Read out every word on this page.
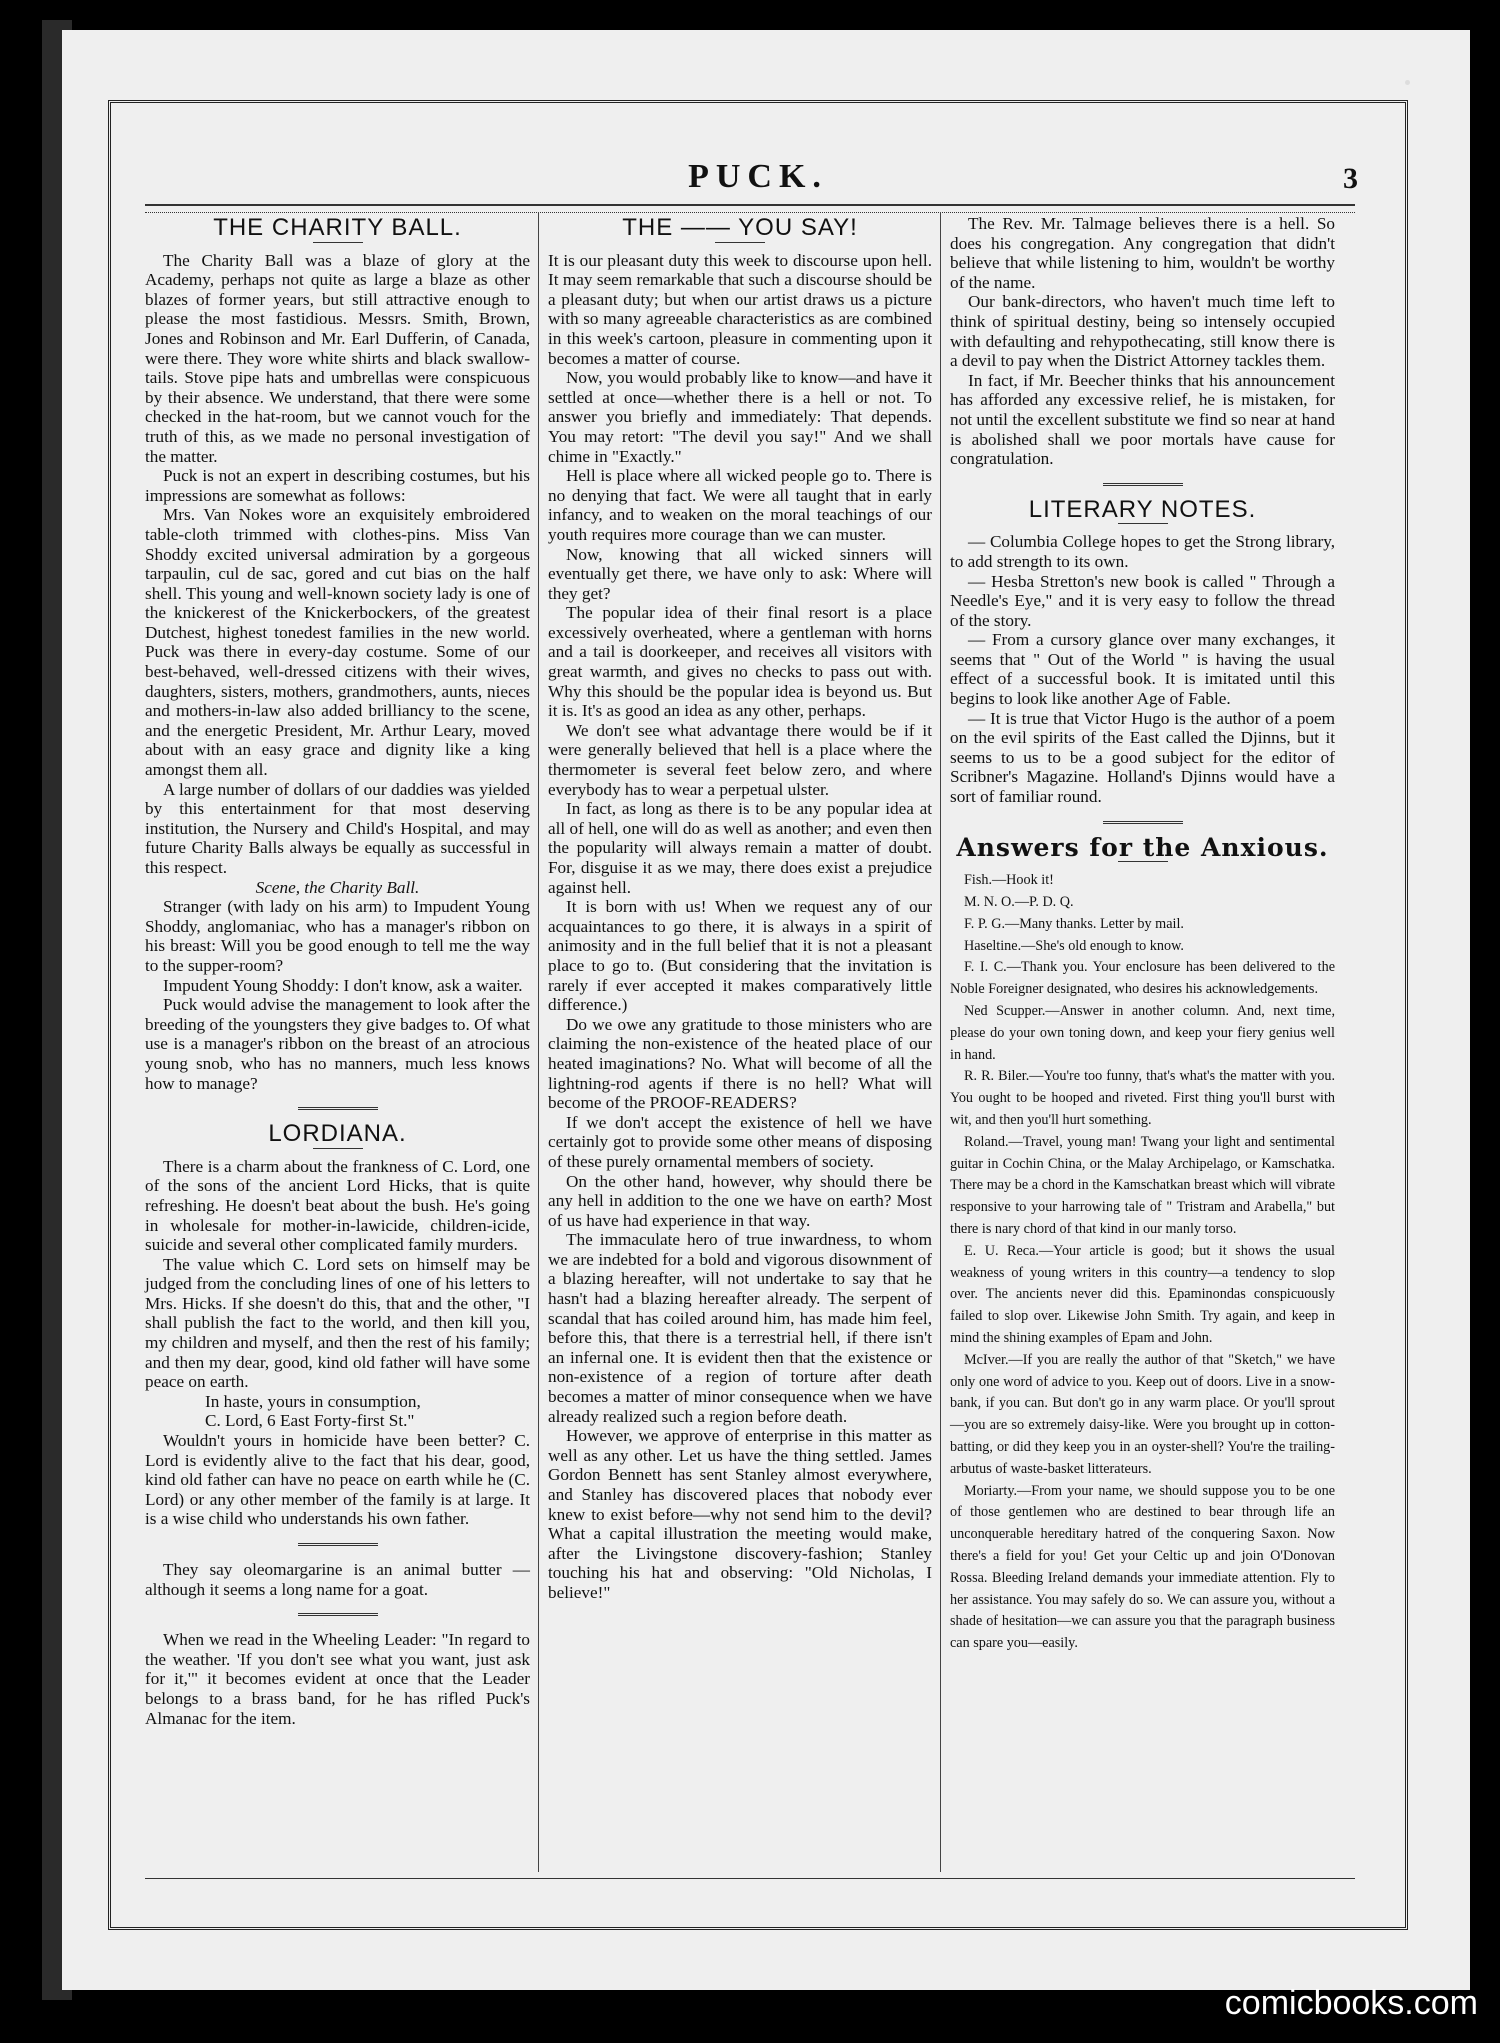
PUCK.	3
THE CHARITY BALL.

The Charity Ball was a blaze of glory at the Academy, perhaps not quite as large a blaze as other blazes of former years, but still attractive enough to please the most fastidious. Messrs. Smith, Brown, Jones and Robinson and Mr. Earl Dufferin, of Canada, were there. They wore white shirts and black swallow-tails. Stove pipe hats and umbrellas were conspicuous by their absence. We understand, that there were some checked in the hat-room, but we cannot vouch for the truth of this, as we made no personal investigation of the matter.

Puck is not an expert in describing costumes, but his impressions are somewhat as follows:

Mrs. Van Nokes wore an exquisitely embroidered table-cloth trimmed with clothes-pins. Miss Van Shoddy excited universal admiration by a gorgeous tarpaulin, cul de sac, gored and cut bias on the half shell. This young and well-known society lady is one of the knickerest of the Knickerbockers, of the greatest Dutchest, highest tonedest families in the new world. Puck was there in every-day costume. Some of our best-behaved, well-dressed citizens with their wives, daughters, sisters, mothers, grandmothers, aunts, nieces and mothers-in-law also added brilliancy to the scene, and the energetic President, Mr. Arthur Leary, moved about with an easy grace and dignity like a king amongst them all.

A large number of dollars of our daddies was yielded by this entertainment for that most deserving institution, the Nursery and Child's Hospital, and may future Charity Balls always be equally as successful in this respect.

Scene, the Charity Ball.

Stranger (with lady on his arm) to Impudent Young Shoddy, anglomaniac, who has a manager's ribbon on his breast: Will you be good enough to tell me the way to the supper-room?

Impudent Young Shoddy: I don't know, ask a waiter.

Puck would advise the management to look after the breeding of the youngsters they give badges to. Of what use is a manager's ribbon on the breast of an atrocious young snob, who has no manners, much less knows how to manage?

LORDIANA.

There is a charm about the frankness of C. Lord, one of the sons of the ancient Lord Hicks, that is quite refreshing. He doesn't beat about the bush. He's going in wholesale for mother-in-lawicide, children-icide, suicide and several other complicated family murders.

The value which C. Lord sets on himself may be judged from the concluding lines of one of his letters to Mrs. Hicks. If she doesn't do this, that and the other, "I shall publish the fact to the world, and then kill you, my children and myself, and then the rest of his family; and then my dear, good, kind old father will have some peace on earth.

In haste, yours in consumption,

C. Lord, 6 East Forty-first St."

Wouldn't yours in homicide have been better? C. Lord is evidently alive to the fact that his dear, good, kind old father can have no peace on earth while he (C. Lord) or any other member of the family is at large. It is a wise child who understands his own father.

They say oleomargarine is an animal butter —although it seems a long name for a goat.

When we read in the Wheeling Leader: "In regard to the weather. 'If you don't see what you want, just ask for it,'" it becomes evident at once that the Leader belongs to a brass band, for he has rifled Puck's Almanac for the item.

THE —— YOU SAY!

It is our pleasant duty this week to discourse upon hell. It may seem remarkable that such a discourse should be a pleasant duty; but when our artist draws us a picture with so many agreeable characteristics as are combined in this week's cartoon, pleasure in commenting upon it becomes a matter of course.

Now, you would probably like to know—and have it settled at once—whether there is a hell or not. To answer you briefly and immediately: That depends. You may retort: "The devil you say!" And we shall chime in "Exactly."

Hell is place where all wicked people go to. There is no denying that fact. We were all taught that in early infancy, and to weaken on the moral teachings of our youth requires more courage than we can muster.

Now, knowing that all wicked sinners will eventually get there, we have only to ask: Where will they get?

The popular idea of their final resort is a place excessively overheated, where a gentleman with horns and a tail is doorkeeper, and receives all visitors with great warmth, and gives no checks to pass out with. Why this should be the popular idea is beyond us. But it is. It's as good an idea as any other, perhaps.

We don't see what advantage there would be if it were generally believed that hell is a place where the thermometer is several feet below zero, and where everybody has to wear a perpetual ulster.

In fact, as long as there is to be any popular idea at all of hell, one will do as well as another; and even then the popularity will always remain a matter of doubt. For, disguise it as we may, there does exist a prejudice against hell.

It is born with us! When we request any of our acquaintances to go there, it is always in a spirit of animosity and in the full belief that it is not a pleasant place to go to. (But considering that the invitation is rarely if ever accepted it makes comparatively little difference.)

Do we owe any gratitude to those ministers who are claiming the non-existence of the heated place of our heated imaginations? No. What will become of all the lightning-rod agents if there is no hell? What will become of the PROOF-READERS?

If we don't accept the existence of hell we have certainly got to provide some other means of disposing of these purely ornamental members of society.

On the other hand, however, why should there be any hell in addition to the one we have on earth? Most of us have had experience in that way.

The immaculate hero of true inwardness, to whom we are indebted for a bold and vigorous disownment of a blazing hereafter, will not undertake to say that he hasn't had a blazing hereafter already. The serpent of scandal that has coiled around him, has made him feel, before this, that there is a terrestrial hell, if there isn't an infernal one. It is evident then that the existence or non-existence of a region of torture after death becomes a matter of minor consequence when we have already realized such a region before death.

However, we approve of enterprise in this matter as well as any other. Let us have the thing settled. James Gordon Bennett has sent Stanley almost everywhere, and Stanley has discovered places that nobody ever knew to exist before—why not send him to the devil? What a capital illustration the meeting would make, after the Livingstone discovery-fashion; Stanley touching his hat and observing: "Old Nicholas, I believe!"

The Rev. Mr. Talmage believes there is a hell. So does his congregation. Any congregation that didn't believe that while listening to him, wouldn't be worthy of the name.

Our bank-directors, who haven't much time left to think of spiritual destiny, being so intensely occupied with defaulting and rehypothecating, still know there is a devil to pay when the District Attorney tackles them.

In fact, if Mr. Beecher thinks that his announcement has afforded any excessive relief, he is mistaken, for not until the excellent substitute we find so near at hand is abolished shall we poor mortals have cause for congratulation.

LITERARY NOTES.

— Columbia College hopes to get the Strong library, to add strength to its own.

— Hesba Stretton's new book is called " Through a Needle's Eye," and it is very easy to follow the thread of the story.

— From a cursory glance over many exchanges, it seems that " Out of the World " is having the usual effect of a successful book. It is imitated until this begins to look like another Age of Fable.

— It is true that Victor Hugo is the author of a poem on the evil spirits of the East called the Djinns, but it seems to us to be a good subject for the editor of Scribner's Magazine. Holland's Djinns would have a sort of familiar round.

Answers for the Anxious.

Fish.—Hook it!

M. N. O.—P. D. Q.

F. P. G.—Many thanks. Letter by mail.

Haseltine.—She's old enough to know.

F. I. C.—Thank you. Your enclosure has been delivered to the Noble Foreigner designated, who desires his acknowledgements.

Ned Scupper.—Answer in another column. And, next time, please do your own toning down, and keep your fiery genius well in hand.

R. R. Biler.—You're too funny, that's what's the matter with you. You ought to be hooped and riveted. First thing you'll burst with wit, and then you'll hurt something.

Roland.—Travel, young man! Twang your light and sentimental guitar in Cochin China, or the Malay Archipelago, or Kamschatka. There may be a chord in the Kamschatkan breast which will vibrate responsive to your harrowing tale of " Tristram and Arabella," but there is nary chord of that kind in our manly torso.

E. U. Reca.—Your article is good; but it shows the usual weakness of young writers in this country—a tendency to slop over. The ancients never did this. Epaminondas conspicuously failed to slop over. Likewise John Smith. Try again, and keep in mind the shining examples of Epam and John.

McIver.—If you are really the author of that "Sketch," we have only one word of advice to you. Keep out of doors. Live in a snow-bank, if you can. But don't go in any warm place. Or you'll sprout—you are so extremely daisy-like. Were you brought up in cotton-batting, or did they keep you in an oyster-shell? You're the trailing-arbutus of waste-basket litterateurs.

Moriarty.—From your name, we should suppose you to be one of those gentlemen who are destined to bear through life an unconquerable hereditary hatred of the conquering Saxon. Now there's a field for you! Get your Celtic up and join O'Donovan Rossa. Bleeding Ireland demands your immediate attention. Fly to her assistance. You may safely do so. We can assure you, without a shade of hesitation—we can assure you that the paragraph business can spare you—easily.

comicbooks.com
